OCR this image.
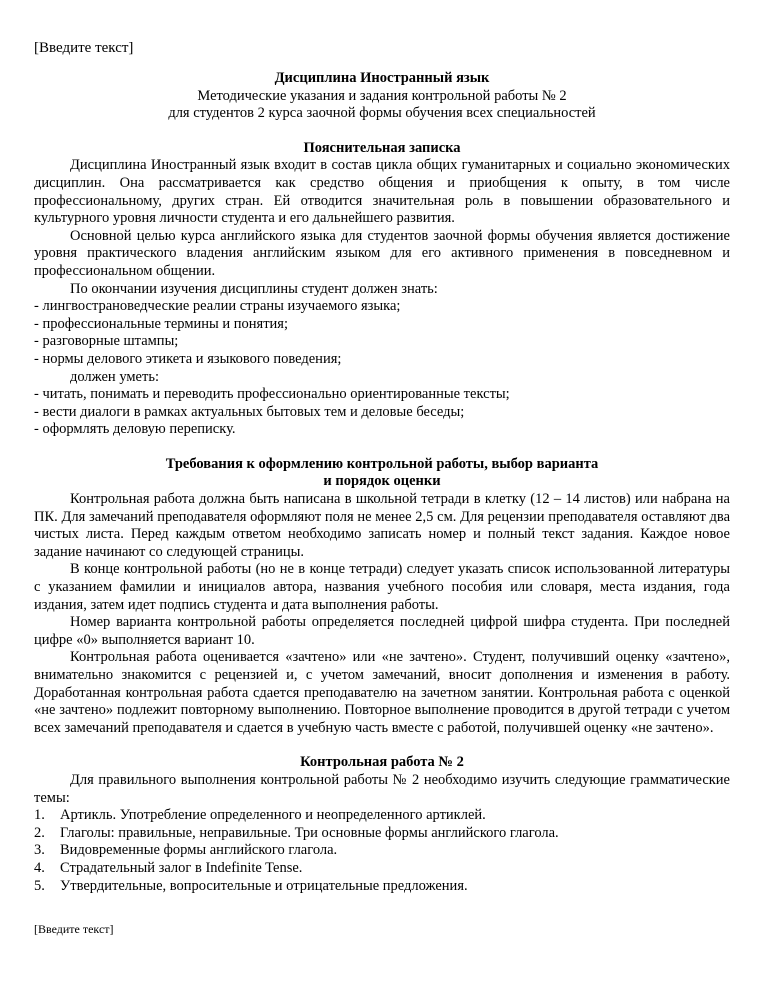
[Введите текст]
Дисциплина Иностранный язык
Методические указания и задания контрольной работы № 2
для студентов 2 курса заочной формы обучения всех специальностей
Пояснительная записка

Дисциплина Иностранный язык входит в состав цикла общих гуманитарных и социально экономических дисциплин. Она рассматривается как средство общения и приобщения к опыту, в том числе профессиональному, других стран. Ей отводится значительная роль в повышении образовательного и культурного уровня личности студента и его дальнейшего развития.

Основной целью курса английского языка для студентов заочной формы обучения является достижение уровня практического владения английским языком для его активного применения в повседневном и профессиональном общении.

По окончании изучения дисциплины студент должен знать:

- лингвострановедческие реалии страны изучаемого языка;

- профессиональные термины и понятия;

- разговорные штампы;

- нормы делового этикета и языкового поведения;

должен уметь:

- читать, понимать и переводить профессионально ориентированные тексты;

- вести диалоги в рамках актуальных бытовых тем и деловые беседы;

- оформлять деловую переписку.

Требования к оформлению контрольной работы, выбор варианта
и порядок оценки

Контрольная работа должна быть написана в школьной тетради в клетку (12 – 14 листов) или набрана на ПК. Для замечаний преподавателя оформляют поля не менее 2,5 см. Для рецензии преподавателя оставляют два чистых листа. Перед каждым ответом необходимо записать номер и полный текст задания. Каждое новое задание начинают со следующей страницы.

В конце контрольной работы (но не в конце тетради) следует указать список использованной литературы с указанием фамилии и инициалов автора, названия учебного пособия или словаря, места издания, года издания, затем идет подпись студента и дата выполнения работы.

Номер варианта контрольной работы определяется последней цифрой шифра студента. При последней цифре «0» выполняется вариант 10.

Контрольная работа оценивается «зачтено» или «не зачтено». Студент, получивший оценку «зачтено», внимательно знакомится с рецензией и, с учетом замечаний, вносит дополнения и изменения в работу. Доработанная контрольная работа сдается преподавателю на зачетном занятии. Контрольная работа с оценкой «не зачтено» подлежит повторному выполнению. Повторное выполнение проводится в другой тетради с учетом всех замечаний преподавателя и сдается в учебную часть вместе с работой, получившей оценку «не зачтено».

Контрольная работа № 2

Для правильного выполнения контрольной работы № 2 необходимо изучить следующие грамматические темы:

1.	Артикль. Употребление определенного и неопределенного артиклей.
2.	Глаголы: правильные, неправильные. Три основные формы английского глагола.
3.	Видовременные формы английского глагола.
4.	Страдательный залог в Indefinite Tense.
5.	Утвердительные, вопросительные и отрицательные предложения.
[Введите текст]
